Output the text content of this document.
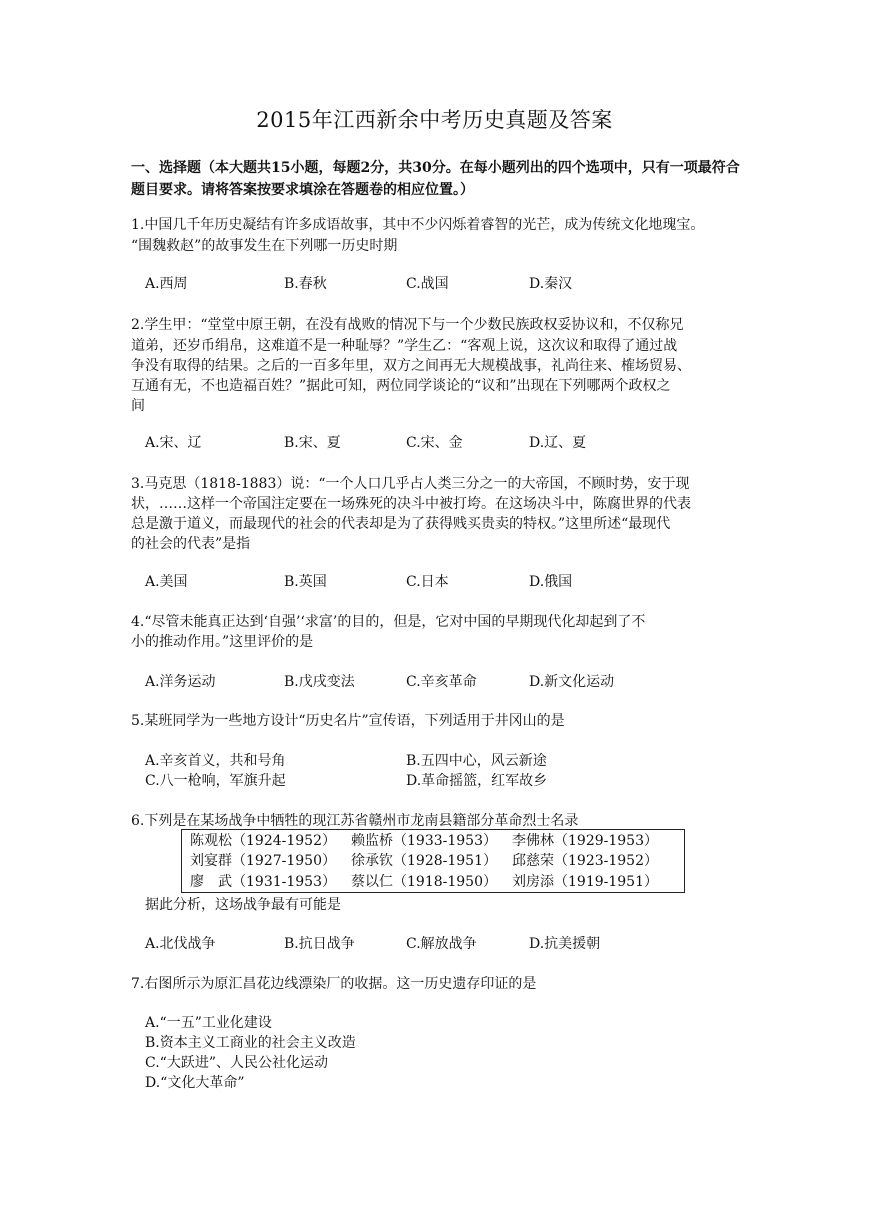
2015年江西新余中考历史真题及答案
一、选择题（本大题共15小题，每题2分，共30分。在每小题列出的四个选项中，只有一项最符合题目要求。请将答案按要求填涂在答题卷的相应位置。）
1.中国几千年历史凝结有许多成语故事，其中不少闪烁着睿智的光芒，成为传统文化地瑰宝。
“围魏救赵”的故事发生在下列哪一历史时期
A.西周	B.春秋	C.战国	D.秦汉
2.学生甲：“堂堂中原王朝，在没有战败的情况下与一个少数民族政权妥协议和，不仅称兄
道弟，还岁币绢帛，这难道不是一种耻辱？”学生乙：“客观上说，这次议和取得了通过战
争没有取得的结果。之后的一百多年里，双方之间再无大规模战事，礼尚往来、榷场贸易、
互通有无，不也造福百姓？”据此可知，两位同学谈论的“议和”出现在下列哪两个政权之
间
A.宋、辽	B.宋、夏	C.宋、金	D.辽、夏
3.马克思（1818-1883）说：“一个人口几乎占人类三分之一的大帝国，不顾时势，安于现
状，……这样一个帝国注定要在一场殊死的决斗中被打垮。在这场决斗中，陈腐世界的代表
总是激于道义，而最现代的社会的代表却是为了获得贱买贵卖的特权。”这里所述“最现代
的社会的代表”是指
A.美国	B.英国	C.日本	D.俄国
4.“尽管未能真正达到‘自强’‘求富’的目的，但是，它对中国的早期现代化却起到了不
小的推动作用。”这里评价的是
A.洋务运动	B.戊戌变法	C.辛亥革命	D.新文化运动
5.某班同学为一些地方设计“历史名片”宣传语，下列适用于井冈山的是
A.辛亥首义，共和号角	B.五四中心，风云新途
C.八一枪响，军旗升起	D.革命摇篮，红军故乡
6.下列是在某场战争中牺牲的现江苏省赣州市龙南县籍部分革命烈士名录
陈观松（1924-1952） 赖监桥（1933-1953） 李佛林（1929-1953）
刘宴群（1927-1950） 徐承钦（1928-1951） 邱慈荣（1923-1952）
廖　武（1931-1953） 蔡以仁（1918-1950） 刘房添（1919-1951）
据此分析，这场战争最有可能是
A.北伐战争	B.抗日战争	C.解放战争	D.抗美援朝
7.右图所示为原汇昌花边线漂染厂的收据。这一历史遗存印证的是
A.“一五”工业化建设
B.资本主义工商业的社会主义改造
C.“大跃进”、人民公社化运动
D.“文化大革命”
